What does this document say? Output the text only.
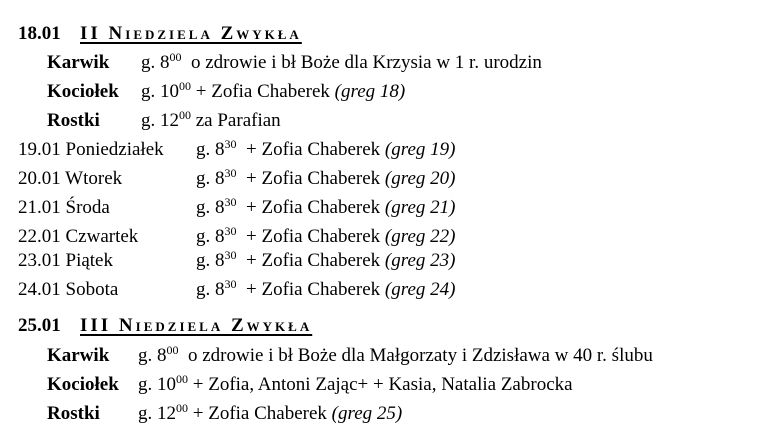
18.01 II Niedziela Zwykła
Karwik g. $8^{00}$  o zdrowie i bł Boże dla Krzysia w 1 r. urodzin
Kociołek g. $10^{00}$ + Zofia Chaberek (greg 18)
Rostki g. $12^{00}$ za Parafian
19.01 Poniedziałek g. $8^{30}$  + Zofia Chaberek (greg 19)
20.01 Wtorek	g. $8^{30}$  + Zofia Chaberek (greg 20)
21.01 Środa	g. $8^{30}$  + Zofia Chaberek (greg 21)
22.01 Czwartek	g. $8^{30}$  + Zofia Chaberek (greg 22)
23.01 Piątek	g. $8^{30}$  + Zofia Chaberek (greg 23)
24.01 Sobota	g. $8^{30}$  + Zofia Chaberek (greg 24)
25.01 III Niedziela Zwykła
Karwik g. $8^{00}$  o zdrowie i bł Boże dla Małgorzaty i Zdzisława w 40 r. ślubu
Kociołek g. $10^{00}$ + Zofia, Antoni Zając+ + Kasia, Natalia Zabrocka
Rostki g. $12^{00}$ + Zofia Chaberek (greg 25)
